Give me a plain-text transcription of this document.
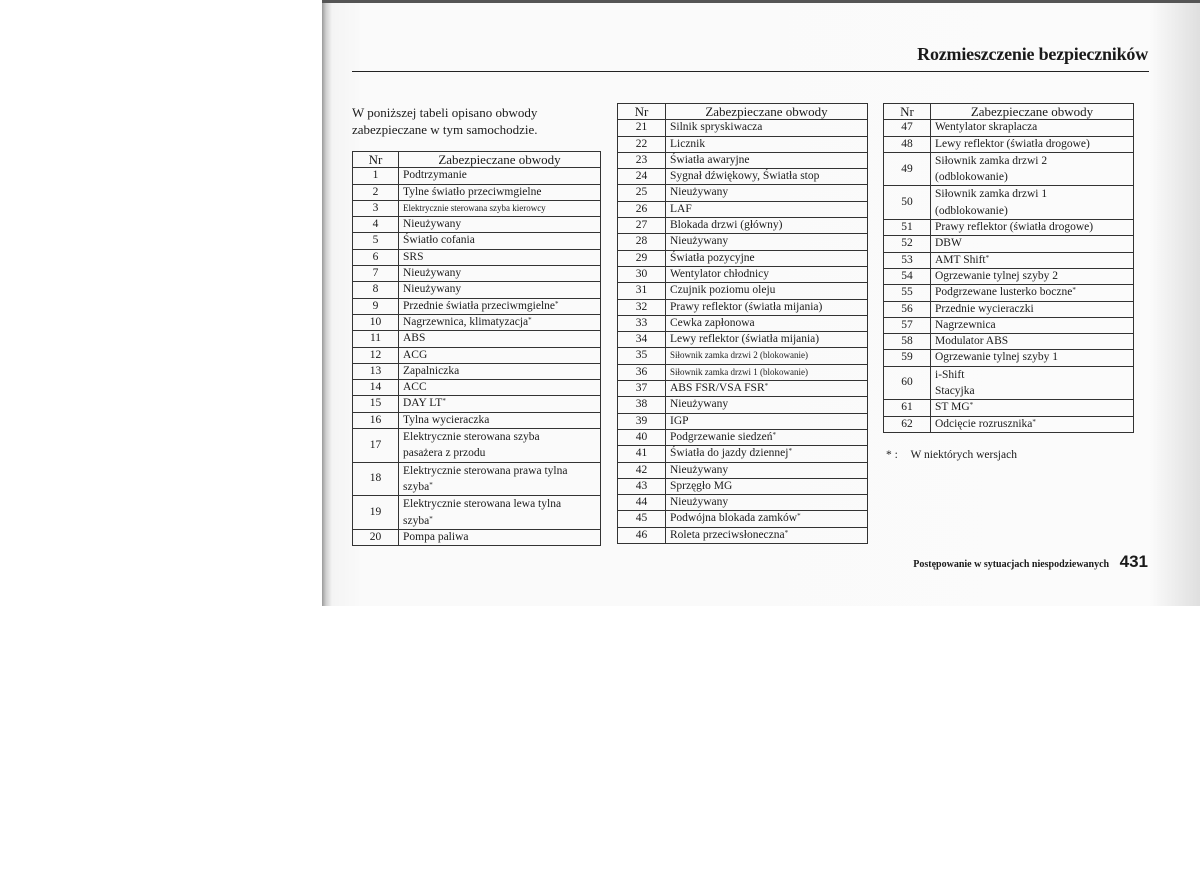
Rozmieszczenie bezpieczników
W poniższej tabeli opisano obwody
zabezpieczane w tym samochodzie.
Nr	Zabezpieczane obwody
1	Podtrzymanie
2	Tylne światło przeciwmgielne
3	Elektrycznie sterowana szyba kierowcy
4	Nieużywany
5	Światło cofania
6	SRS
7	Nieużywany
8	Nieużywany
9	Przednie światła przeciwmgielne*
10	Nagrzewnica, klimatyzacja*
11	ABS
12	ACG
13	Zapalniczka
14	ACC
15	DAY LT*
16	Tylna wycieraczka
17	Elektrycznie sterowana szyba
pasażera z przodu

18	Elektrycznie sterowana prawa tylna
szyba*

19	Elektrycznie sterowana lewa tylna
szyba*

20	Pompa paliwa
Nr	Zabezpieczane obwody
21	Silnik spryskiwacza
22	Licznik
23	Światła awaryjne
24	Sygnał dźwiękowy, Światła stop
25	Nieużywany
26	LAF
27	Blokada drzwi (główny)
28	Nieużywany
29	Światła pozycyjne
30	Wentylator chłodnicy
31	Czujnik poziomu oleju
32	Prawy reflektor (światła mijania)
33	Cewka zapłonowa
34	Lewy reflektor (światła mijania)
35	Siłownik zamka drzwi 2 (blokowanie)
36	Siłownik zamka drzwi 1 (blokowanie)
37	ABS FSR/VSA FSR*
38	Nieużywany
39	IGP
40	Podgrzewanie siedzeń*
41	Światła do jazdy dziennej*
42	Nieużywany
43	Sprzęgło MG
44	Nieużywany
45	Podwójna blokada zamków*
46	Roleta przeciwsłoneczna*
Nr	Zabezpieczane obwody
47	Wentylator skraplacza
48	Lewy reflektor (światła drogowe)
49	Siłownik zamka drzwi 2
(odblokowanie)

50	Siłownik zamka drzwi 1
(odblokowanie)

51	Prawy reflektor (światła drogowe)
52	DBW
53	AMT Shift*
54	Ogrzewanie tylnej szyby 2
55	Podgrzewane lusterko boczne*
56	Przednie wycieraczki
57	Nagrzewnica
58	Modulator ABS
59	Ogrzewanie tylnej szyby 1
60	i-Shift
Stacyjka

61	ST MG*
62	Odcięcie rozrusznika*
* : W niektórych wersjach
Postępowanie w sytuacjach niespodziewanych 431
